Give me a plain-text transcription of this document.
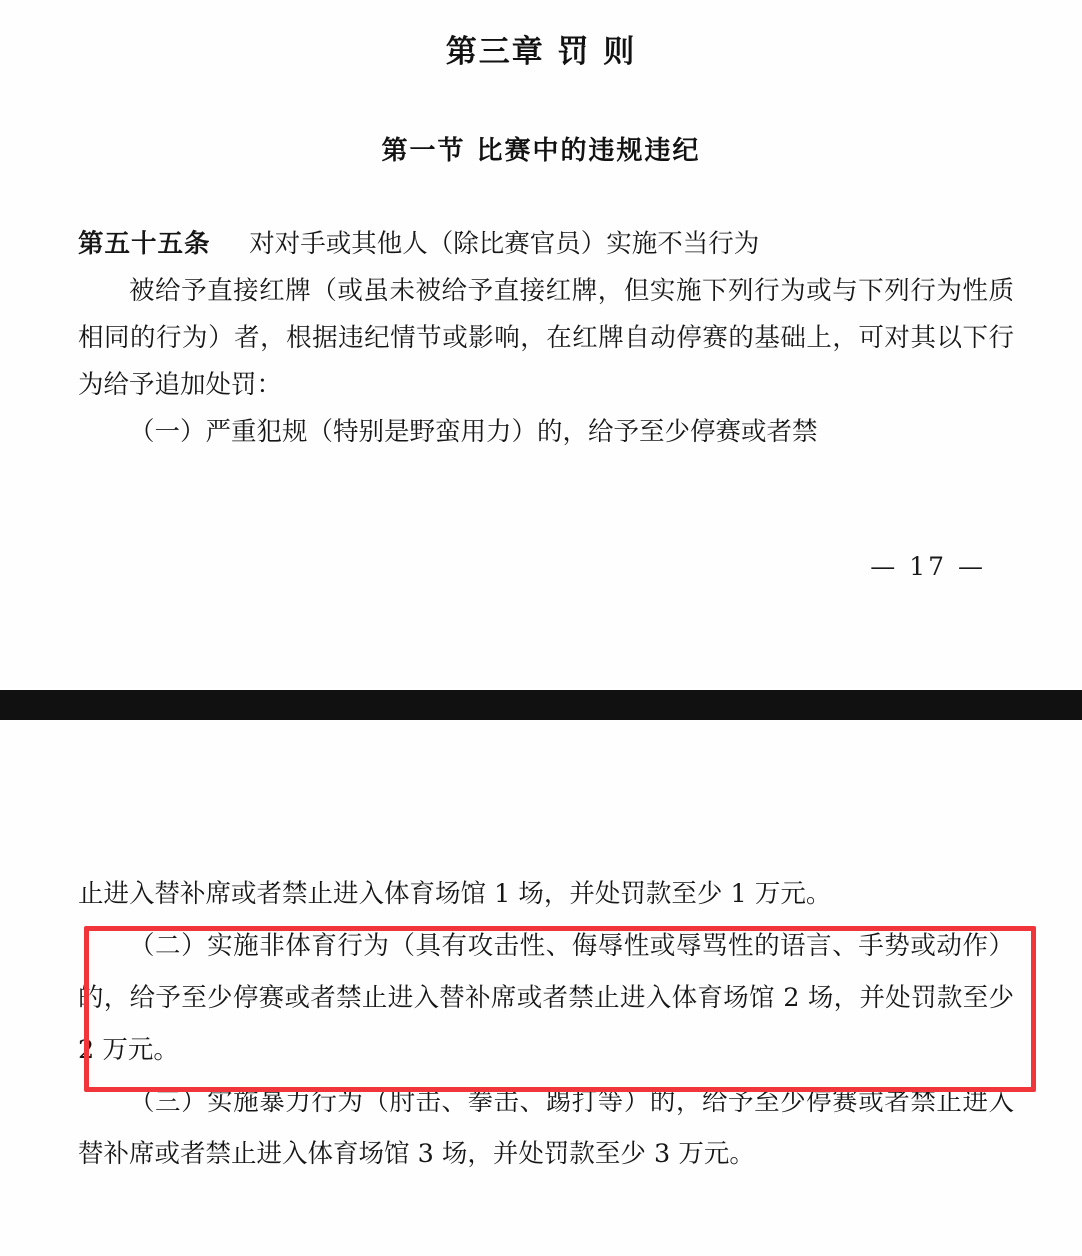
第三章 罚 则
第一节 比赛中的违规违纪

第五十五条 对对手或其他人（除比赛官员）实施不当行为

被给予直接红牌（或虽未被给予直接红牌，但实施下列行为或与下列行为性质相同的行为）者，根据违纪情节或影响，在红牌自动停赛的基础上，可对其以下行为给予追加处罚：

（一）严重犯规（特别是野蛮用力）的，给予至少停赛或者禁

— 17 —

止进入替补席或者禁止进入体育场馆 1 场，并处罚款至少 1 万元。

（二）实施非体育行为（具有攻击性、侮辱性或辱骂性的语言、手势或动作）的，给予至少停赛或者禁止进入替补席或者禁止进入体育场馆 2 场，并处罚款至少 2 万元。

（三）实施暴力行为（肘击、拳击、踢打等）的，给予至少停赛或者禁止进入替补席或者禁止进入体育场馆 3 场，并处罚款至少 3 万元。
